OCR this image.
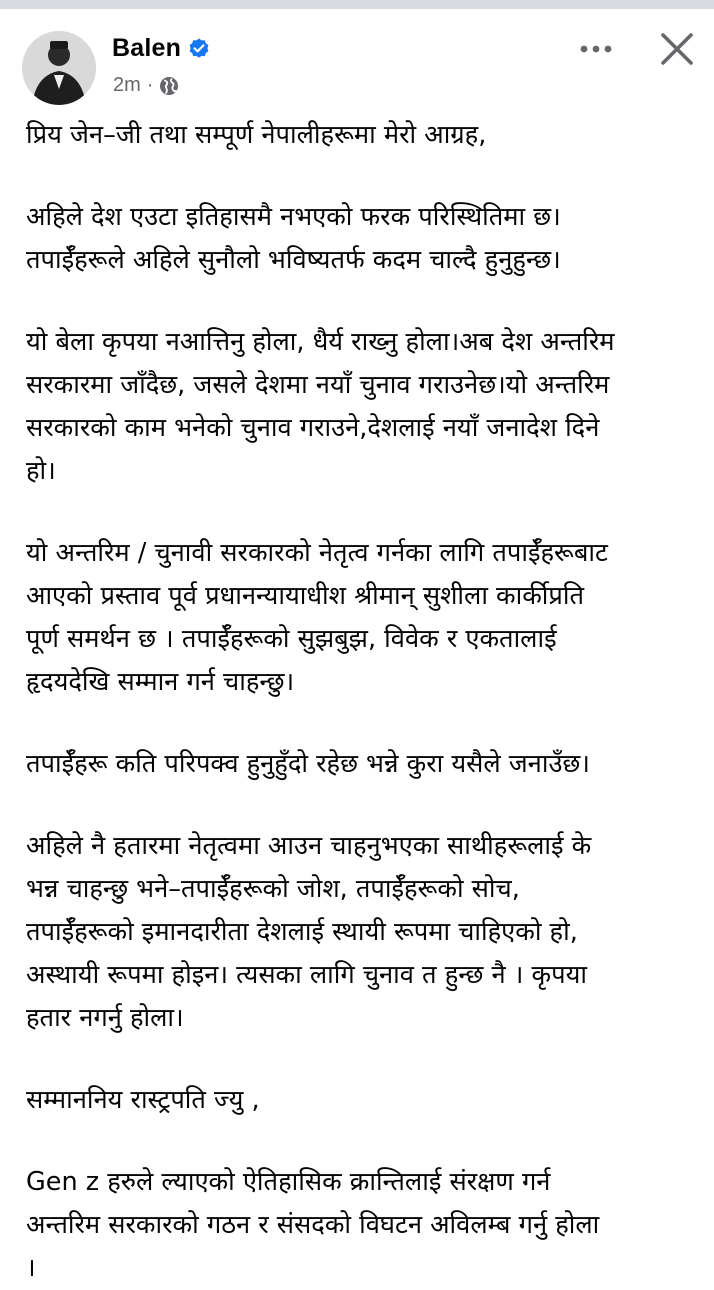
Balen
2m ·
प्रिय जेन–जी तथा सम्पूर्ण नेपालीहरूमा मेरो आग्रह,
अहिले देश एउटा इतिहासमै नभएको फरक परिस्थितिमा छ।
तपाईँहरूले अहिले सुनौलो भविष्यतर्फ कदम चाल्दै हुनुहुन्छ।
यो बेला कृपया नआत्तिनु होला, धैर्य राख्नु होला।अब देश अन्तरिम
सरकारमा जाँदैछ, जसले देशमा नयाँ चुनाव गराउनेछ।यो अन्तरिम
सरकारको काम भनेको चुनाव गराउने,देशलाई नयाँ जनादेश दिने
हो।
यो अन्तरिम / चुनावी सरकारको नेतृत्व गर्नका लागि तपाईँहरूबाट
आएको प्रस्ताव पूर्व प्रधानन्यायाधीश श्रीमान् सुशीला कार्कीप्रति
पूर्ण समर्थन छ । तपाईँहरूको सुझबुझ, विवेक र एकतालाई
हृदयदेखि सम्मान गर्न चाहन्छु।
तपाईँहरू कति परिपक्व हुनुहुँदो रहेछ भन्ने कुरा यसैले जनाउँछ।
अहिले नै हतारमा नेतृत्वमा आउन चाहनुभएका साथीहरूलाई के
भन्न चाहन्छु भने–तपाईँहरूको जोश, तपाईँहरूको सोच,
तपाईँहरूको इमानदारीता देशलाई स्थायी रूपमा चाहिएको हो,
अस्थायी रूपमा होइन। त्यसका लागि चुनाव त हुन्छ नै । कृपया
हतार नगर्नु होला।
सम्माननिय रास्ट्रपति ज्यु ,
Gen z हरुले ल्याएको ऐतिहासिक क्रान्तिलाई संरक्षण गर्न
अन्तरिम सरकारको गठन र संसदको विघटन अविलम्ब गर्नु होला
।
